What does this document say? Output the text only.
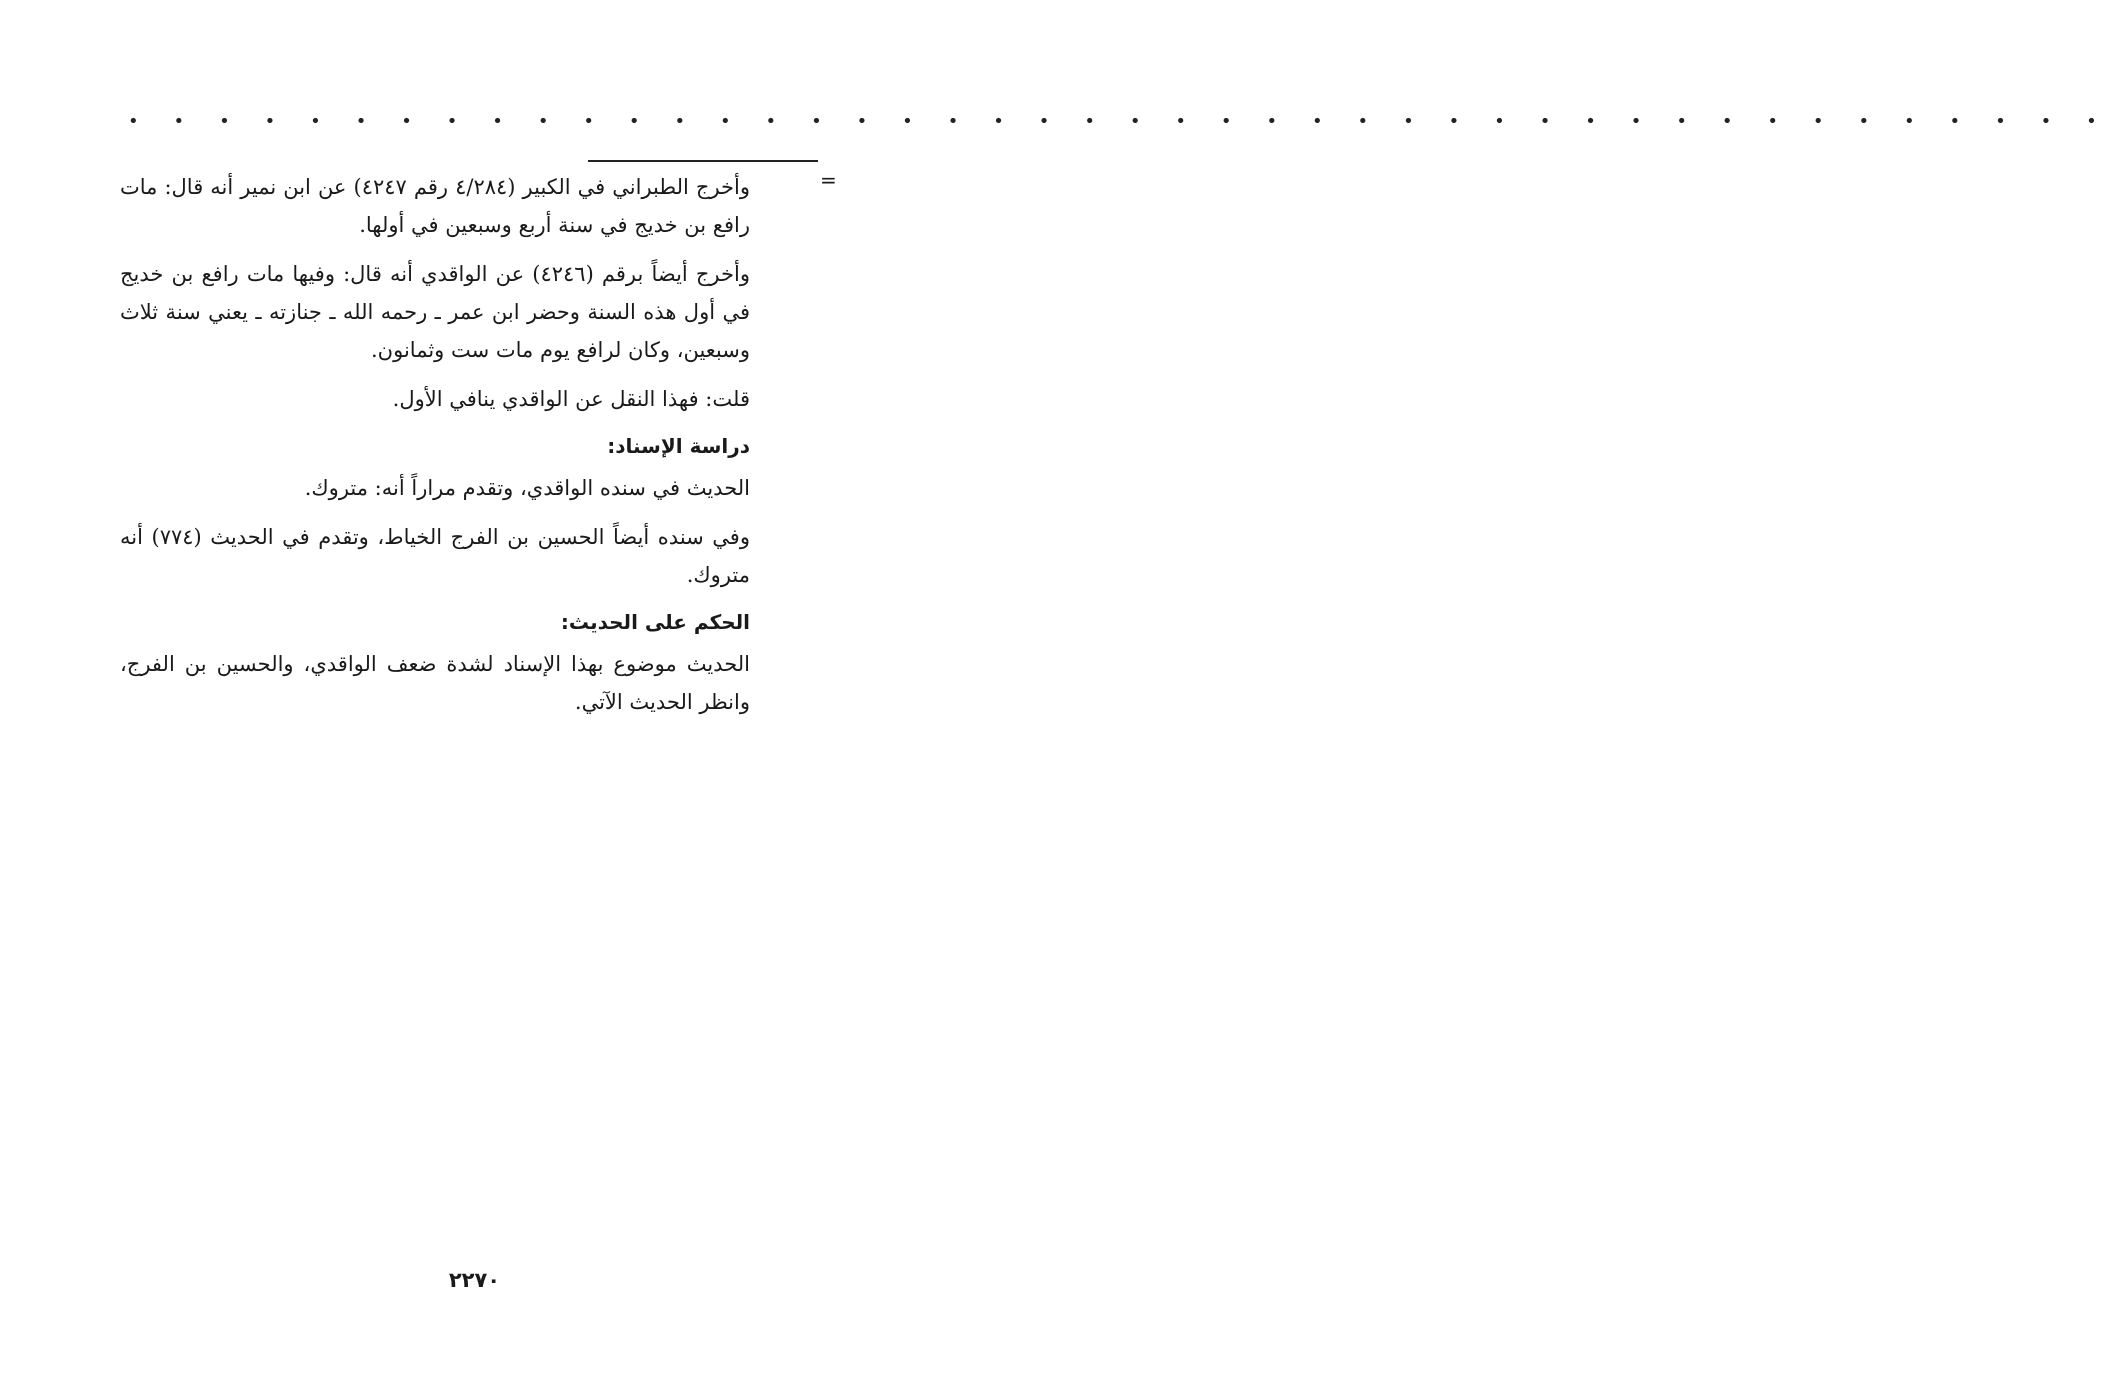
• • • • • • • • • • • • • • • • • • • • • • • • • • • • • • • • • • • • • • • • • • • •
=

وأخرج الطبراني في الكبير (٤/٢٨٤ رقم ٤٢٤٧) عن ابن نمير أنه قال: مات رافع بن خديج في سنة أربع وسبعين في أولها.

وأخرج أيضاً برقم (٤٢٤٦) عن الواقدي أنه قال: وفيها مات رافع بن خديج في أول هذه السنة وحضر ابن عمر ـ رحمه الله ـ جنازته ـ يعني سنة ثلاث وسبعين، وكان لرافع يوم مات ست وثمانون.

قلت: فهذا النقل عن الواقدي ينافي الأول.

دراسة الإسناد:

الحديث في سنده الواقدي، وتقدم مراراً أنه: متروك.

وفي سنده أيضاً الحسين بن الفرج الخياط، وتقدم في الحديث (٧٧٤) أنه متروك.

الحكم على الحديث:

الحديث موضوع بهذا الإسناد لشدة ضعف الواقدي، والحسين بن الفرج، وانظر الحديث الآتي.

٢٢٧٠
